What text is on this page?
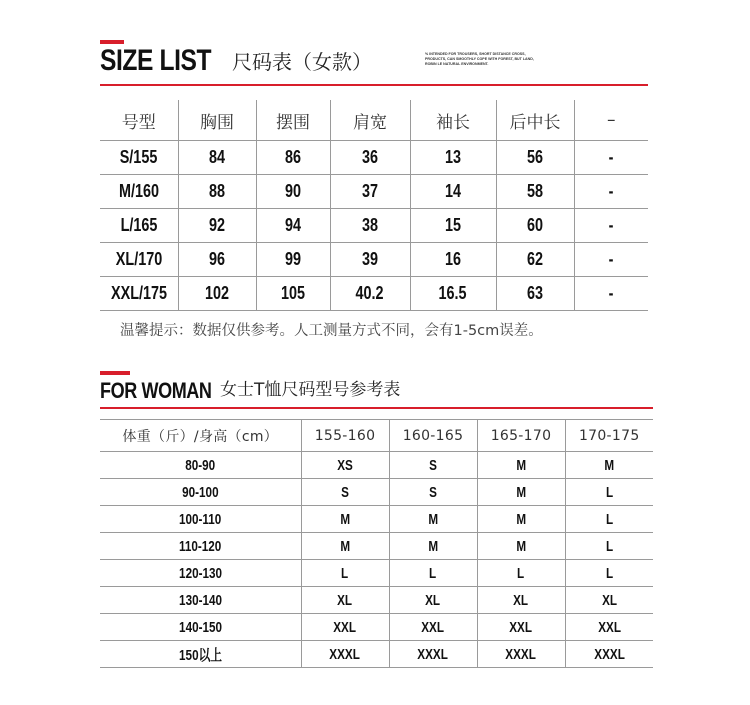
SIZE LIST 尺码表（女款）	% INTENDED FOR TROUSERS, SHORT DISTANCE CROSS, PRODUCTS, CAN SMOOTHLY COPE WITH FOREST, BUT LAND, ROBIN LE NATURAL ENVIRONMENT.
号型	胸围	摆围	肩宽	袖长	后中长	–
S/155	84	86	36	13	56	-
M/160	88	90	37	14	58	-
L/165	92	94	38	15	60	-
XL/170	96	99	39	16	62	-
XXL/175	102	105	40.2	16.5	63	-
温馨提示：数据仅供参考。人工测量方式不同，会有1-5cm误差。
FOR WOMAN 女士T恤尺码型号参考表
体重（斤）/身高（cm）	155-160	160-165	165-170	170-175
80-90	XS	S	M	M
90-100	S	S	M	L
100-110	M	M	M	L
110-120	M	M	M	L
120-130	L	L	L	L
130-140	XL	XL	XL	XL
140-150	XXL	XXL	XXL	XXL
150以上	XXXL	XXXL	XXXL	XXXL
